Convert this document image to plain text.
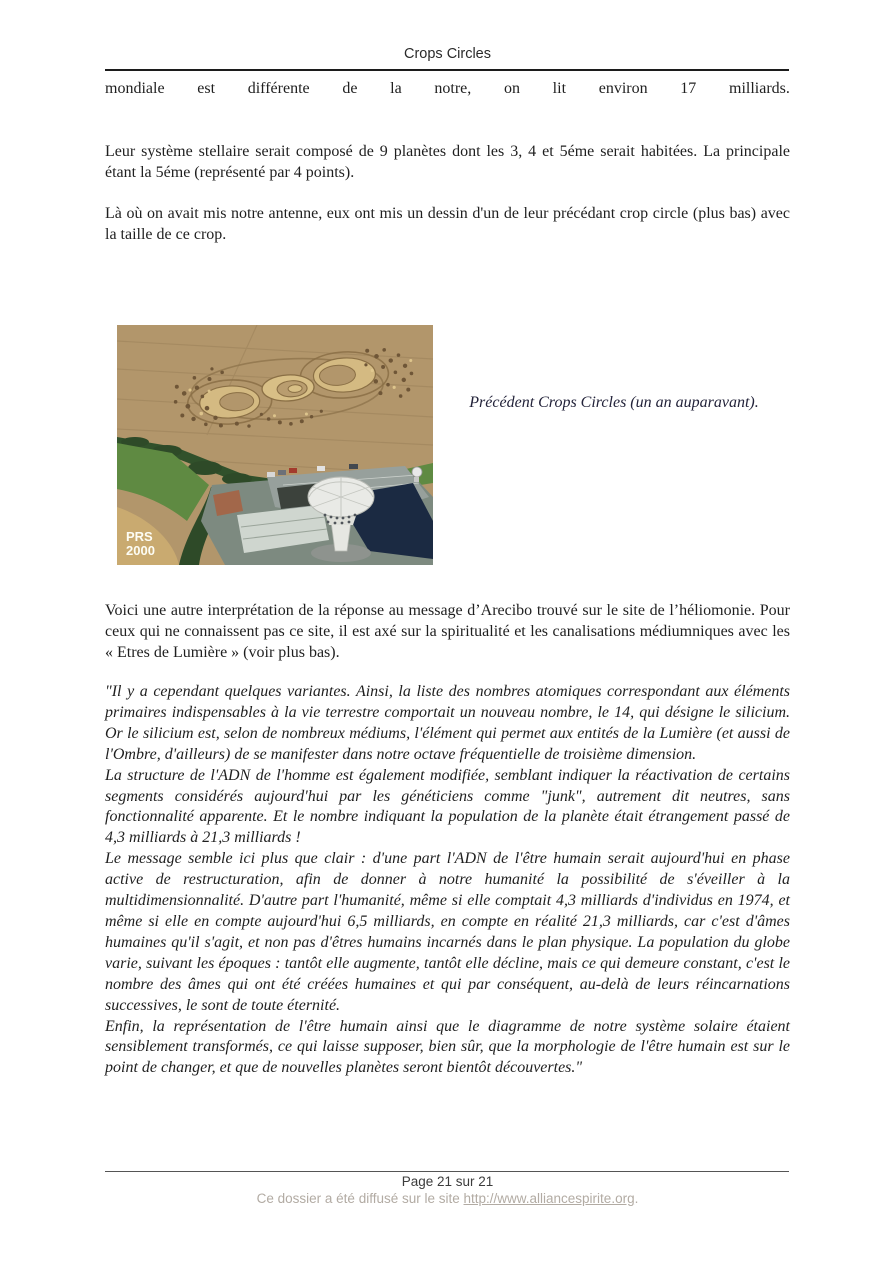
Crops Circles
mondiale est différente de la notre, on lit environ 17 milliards.
Leur système stellaire serait composé de 9 planètes dont les 3, 4 et 5éme serait habitées. La principale étant la 5éme (représenté par 4 points).
Là où on avait mis notre antenne, eux ont mis un dessin d'un de leur précédant crop circle (plus bas) avec la taille de ce crop.
PRS
2000
Précédent Crops Circles (un an auparavant).
Voici une autre interprétation de la réponse au message d’Arecibo trouvé sur le site de l’héliomonie. Pour ceux qui ne connaissent pas ce site, il est axé sur la spiritualité et les canalisations médiumniques avec les « Etres de Lumière » (voir plus bas).

"Il y a cependant quelques variantes. Ainsi, la liste des nombres atomiques correspondant aux éléments primaires indispensables à la vie terrestre comportait un nouveau nombre, le 14, qui désigne le silicium. Or le silicium est, selon de nombreux médiums, l'élément qui permet aux entités de la Lumière (et aussi de l'Ombre, d'ailleurs) de se manifester dans notre octave fréquentielle de troisième dimension.

La structure de l'ADN de l'homme est également modifiée, semblant indiquer la réactivation de certains segments considérés aujourd'hui par les généticiens comme "junk", autrement dit neutres, sans fonctionnalité apparente. Et le nombre indiquant la population de la planète était étrangement passé de 4,3 milliards à 21,3 milliards !

Le message semble ici plus que clair : d'une part l'ADN de l'être humain serait aujourd'hui en phase active de restructuration, afin de donner à notre humanité la possibilité de s'éveiller à la multidimensionnalité. D'autre part l'humanité, même si elle comptait 4,3 milliards d'individus en 1974, et même si elle en compte aujourd'hui 6,5 milliards, en compte en réalité 21,3 milliards, car c'est d'âmes humaines qu'il s'agit, et non pas d'êtres humains incarnés dans le plan physique. La population du globe varie, suivant les époques : tantôt elle augmente, tantôt elle décline, mais ce qui demeure constant, c'est le nombre des âmes qui ont été créées humaines et qui par conséquent, au-delà de leurs réincarnations successives, le sont de toute éternité.

Enfin, la représentation de l'être humain ainsi que le diagramme de notre système solaire étaient sensiblement transformés, ce qui laisse supposer, bien sûr, que la morphologie de l'être humain est sur le point de changer, et que de nouvelles planètes seront bientôt découvertes."

Page 21 sur 21
Ce dossier a été diffusé sur le site http://www.alliancespirite.org.
